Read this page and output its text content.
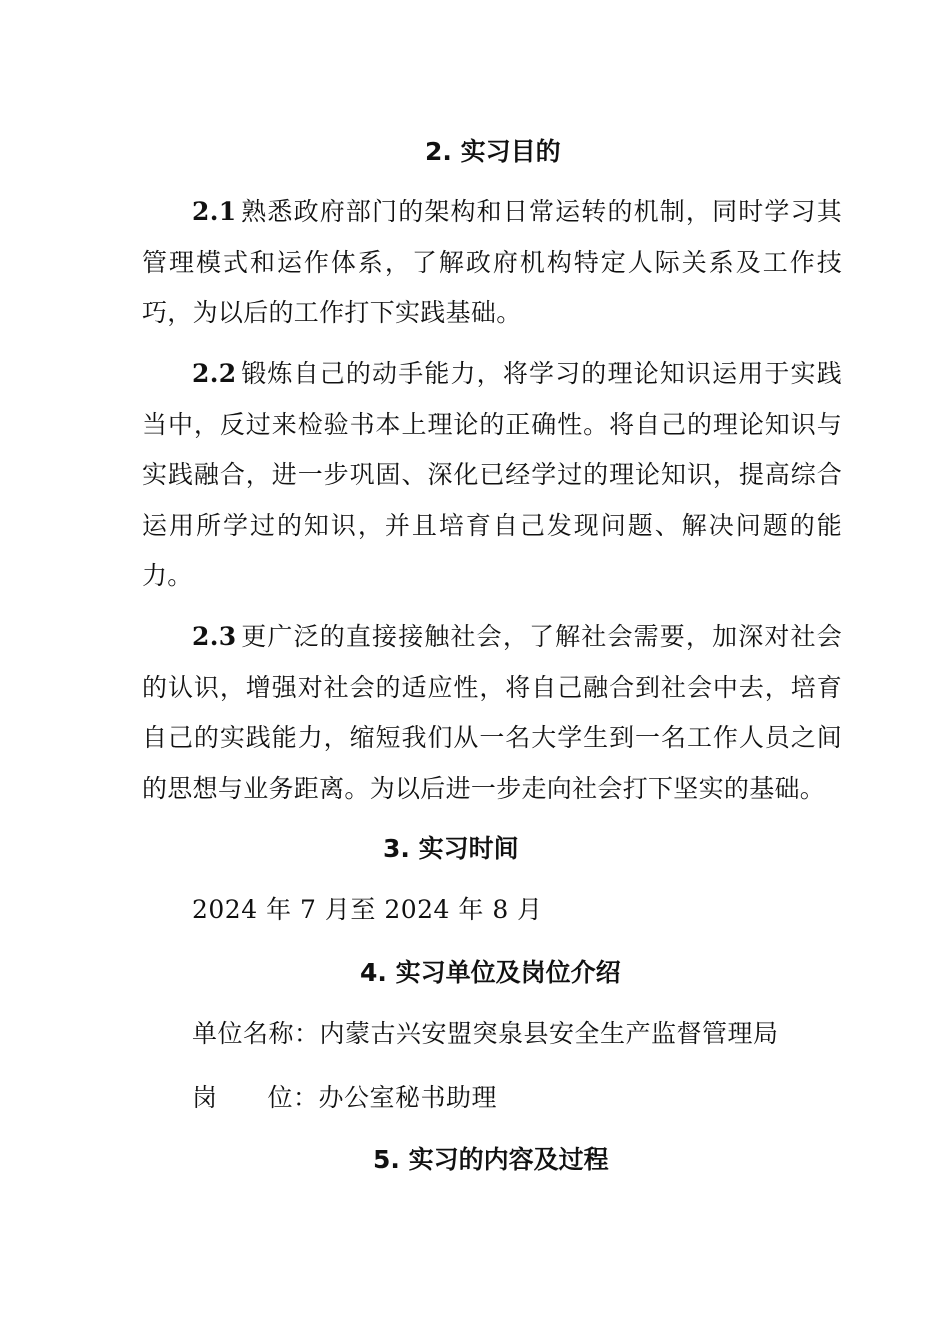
2. 实习目的

2.1 熟悉政府部门的架构和日常运转的机制，同时学习其管理模式和运作体系，了解政府机构特定人际关系及工作技巧，为以后的工作打下实践基础。

2.2 锻炼自己的动手能力，将学习的理论知识运用于实践当中，反过来检验书本上理论的正确性。将自己的理论知识与实践融合，进一步巩固、深化已经学过的理论知识，提高综合运用所学过的知识，并且培育自己发现问题、解决问题的能力。

2.3 更广泛的直接接触社会，了解社会需要，加深对社会的认识，增强对社会的适应性，将自己融合到社会中去，培育自己的实践能力，缩短我们从一名大学生到一名工作人员之间的思想与业务距离。为以后进一步走向社会打下坚实的基础。

3. 实习时间

2024 年 7 月至 2024 年 8 月

4. 实习单位及岗位介绍

单位名称：内蒙古兴安盟突泉县安全生产监督管理局

岗 位：办公室秘书助理

5. 实习的内容及过程
